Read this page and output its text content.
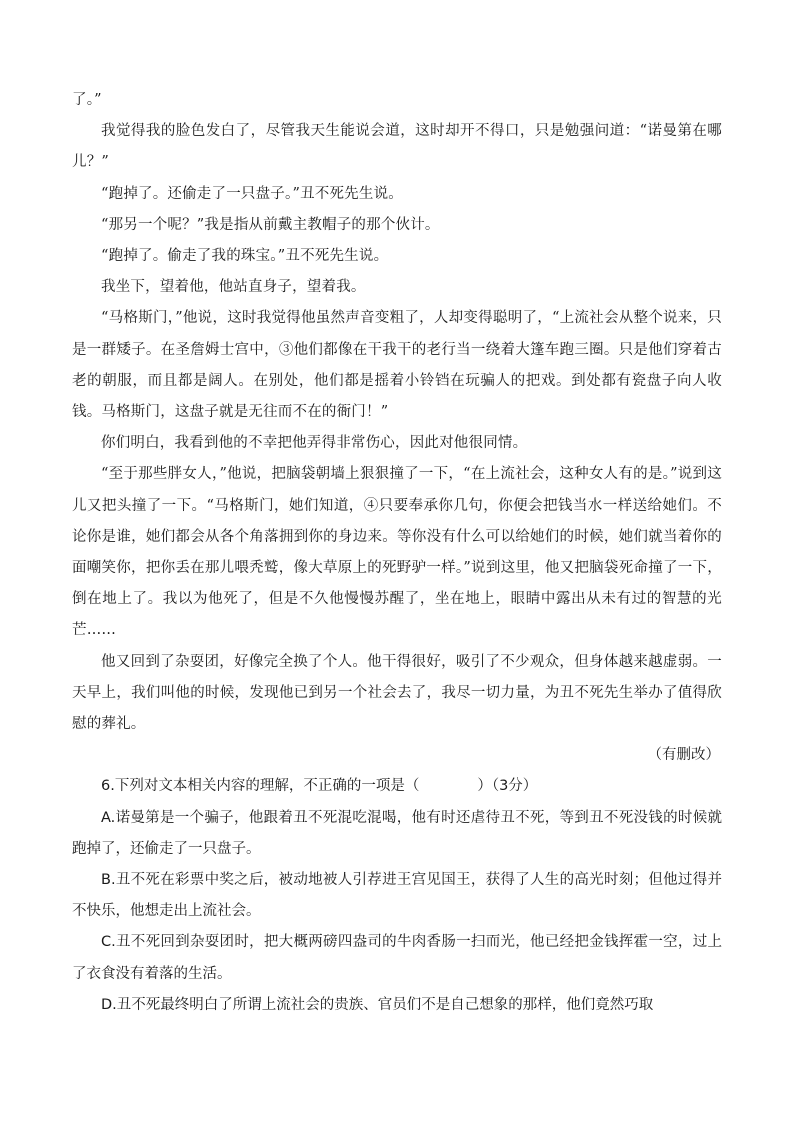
了。”

我觉得我的脸色发白了，尽管我天生能说会道，这时却开不得口，只是勉强问道：“诺曼第在哪儿？”

“跑掉了。还偷走了一只盘子。”丑不死先生说。

“那另一个呢？”我是指从前戴主教帽子的那个伙计。

“跑掉了。偷走了我的珠宝。”丑不死先生说。

我坐下，望着他，他站直身子，望着我。

“马格斯门，”他说，这时我觉得他虽然声音变粗了，人却变得聪明了，“上流社会从整个说来，只是一群矮子。在圣詹姆士宫中，③他们都像在干我干的老行当一绕着大篷车跑三圈。只是他们穿着古老的朝服，而且都是阔人。在别处，他们都是摇着小铃铛在玩骗人的把戏。到处都有瓷盘子向人收钱。马格斯门，这盘子就是无往而不在的衙门！”

你们明白，我看到他的不幸把他弄得非常伤心，因此对他很同情。

“至于那些胖女人，”他说，把脑袋朝墙上狠狠撞了一下，“在上流社会，这种女人有的是。”说到这儿又把头撞了一下。“马格斯门，她们知道，④只要奉承你几句，你便会把钱当水一样送给她们。不论你是谁，她们都会从各个角落拥到你的身边来。等你没有什么可以给她们的时候，她们就当着你的面嘲笑你，把你丢在那儿喂秃鹫，像大草原上的死野驴一样。”说到这里，他又把脑袋死命撞了一下，倒在地上了。我以为他死了，但是不久他慢慢苏醒了，坐在地上，眼睛中露出从未有过的智慧的光芒……

他又回到了杂耍团，好像完全换了个人。他干得很好，吸引了不少观众，但身体越来越虚弱。一天早上，我们叫他的时候，发现他已到另一个社会去了，我尽一切力量，为丑不死先生举办了值得欣慰的葬礼。

（有删改）

6.下列对文本相关内容的理解，不正确的一项是（　　　　）（3分）

A.诺曼第是一个骗子，他跟着丑不死混吃混喝，他有时还虐待丑不死，等到丑不死没钱的时候就跑掉了，还偷走了一只盘子。

B.丑不死在彩票中奖之后，被动地被人引荐进王宫见国王，获得了人生的高光时刻；但他过得并不快乐，他想走出上流社会。

C.丑不死回到杂耍团时，把大概两磅四盎司的牛肉香肠一扫而光，他已经把金钱挥霍一空，过上了衣食没有着落的生活。

D.丑不死最终明白了所谓上流社会的贵族、官员们不是自己想象的那样，他们竟然巧取
